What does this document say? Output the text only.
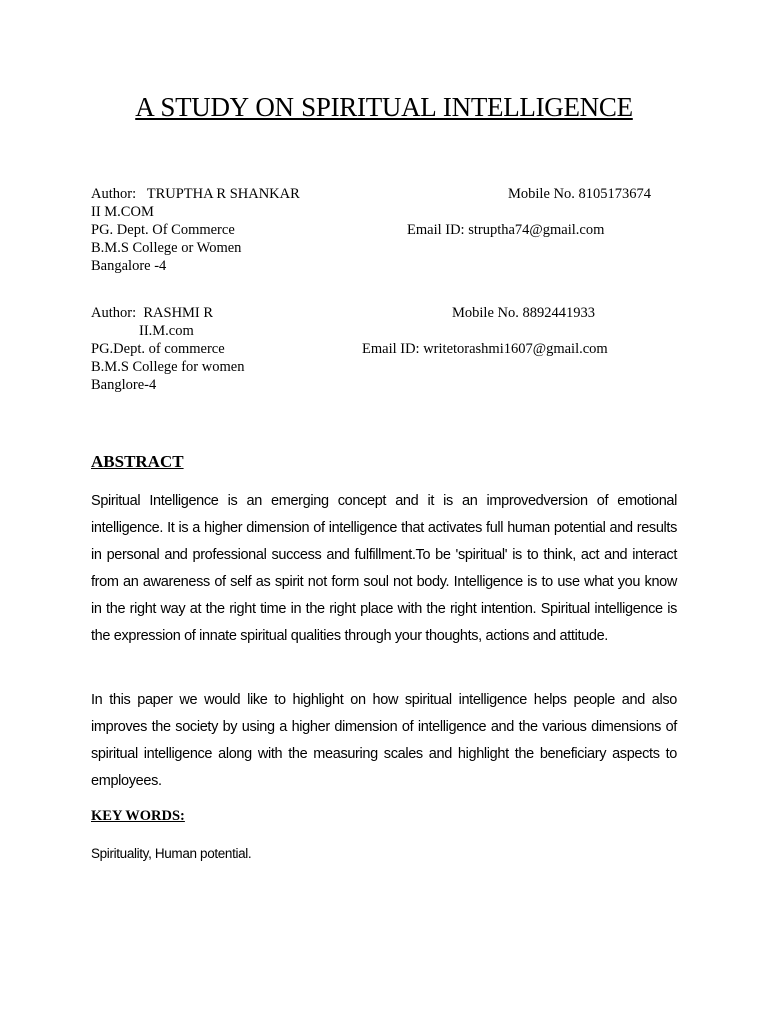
A STUDY ON SPIRITUAL INTELLIGENCE
Author:   TRUPTHA R SHANKAR	Mobile No. 8105173674
II M.COM
PG. Dept. Of Commerce	Email ID: struptha74@gmail.com
B.M.S College or Women
Bangalore -4
Author:  RASHMI R	Mobile No. 8892441933
II.M.com
PG.Dept. of commerce	Email ID: writetorashmi1607@gmail.com
B.M.S College for women
Banglore-4
ABSTRACT
Spiritual Intelligence is an emerging concept and it is an improvedversion of emotional intelligence. It is a higher dimension of intelligence that activates full human potential and results in personal and professional success and fulfillment.To be 'spiritual' is to think, act and interact from an awareness of self as spirit not form soul not body. Intelligence is to use what you know in the right way at the right time in the right place with the right intention. Spiritual intelligence is the expression of innate spiritual qualities through your thoughts, actions and attitude.
In this paper we would like to highlight on how spiritual intelligence helps people and also improves the society by using a higher dimension of intelligence and the various dimensions of spiritual intelligence along with the measuring scales and highlight the beneficiary aspects to employees.
KEY WORDS:
Spirituality, Human potential.
